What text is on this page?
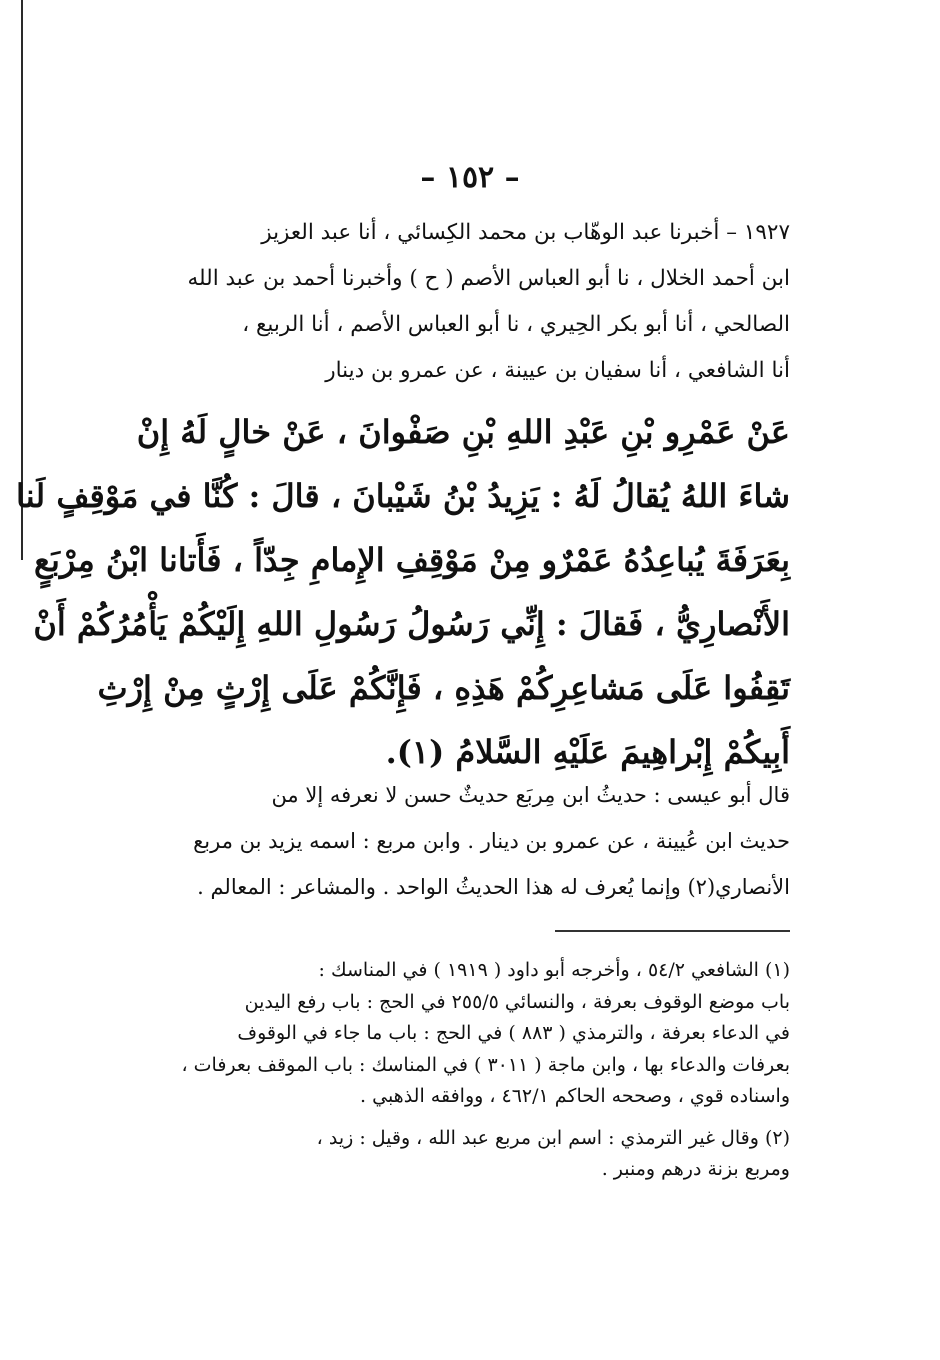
– ١٥٢ –
١٩٢٧ – أخبرنا عبد الوهّاب بن محمد الكِسائي ، أنا عبد العزيز
ابن أحمد الخلال ، نا أبو العباس الأصم ( ح ) وأخبرنا أحمد بن عبد الله
الصالحي ، أنا أبو بكر الحِيري ، نا أبو العباس الأصم ، أنا الربيع ،
أنا الشافعي ، أنا سفيان بن عيينة ، عن عمرو بن دينار
عَنْ عَمْرِو بْنِ عَبْدِ اللهِ بْنِ صَفْوانَ ، عَنْ خالٍ لَهُ إِنْ
شاءَ اللهُ يُقالُ لَهُ : يَزِيدُ بْنُ شَيْبانَ ، قالَ : كُنَّا في مَوْقِفٍ لَنا
بِعَرَفَةَ يُباعِدُهُ عَمْرٌو مِنْ مَوْقِفِ الإِمامِ جِدّاً ، فَأَتانا ابْنُ مِرْبَعٍ
الأَنْصارِيُّ ، فَقالَ : إِنِّي رَسُولُ رَسُولِ اللهِ إِلَيْكُمْ يَأْمُرُكُمْ أَنْ
تَقِفُوا عَلَى مَشاعِرِكُمْ هَذِهِ ، فَإِنَّكُمْ عَلَى إِرْثٍ مِنْ إِرْثِ
أَبِيكُمْ إِبْراهِيمَ عَلَيْهِ السَّلامُ (١).
قال أبو عيسى : حديثُ ابن مِربَع حديثٌ حسن لا نعرفه إلا من
حديث ابن عُيينة ، عن عمرو بن دينار . وابن مربع : اسمه يزيد بن مربع
الأنصاري(٢) وإنما يُعرف له هذا الحديثُ الواحد . والمشاعر : المعالم .
(١) الشافعي ٥٤/٢ ، وأخرجه أبو داود ( ١٩١٩ ) في المناسك :
باب موضع الوقوف بعرفة ، والنسائي ٢٥٥/٥ في الحج : باب رفع اليدين
في الدعاء بعرفة ، والترمذي ( ٨٨٣ ) في الحج : باب ما جاء في الوقوف
بعرفات والدعاء بها ، وابن ماجة ( ٣٠١١ ) في المناسك : باب الموقف بعرفات ،
واسناده قوي ، وصححه الحاكم ٤٦٢/١ ، ووافقه الذهبي .
(٢) وقال غير الترمذي : اسم ابن مربع عبد الله ، وقيل : زيد ،
ومربع بزنة درهم ومنبر .
